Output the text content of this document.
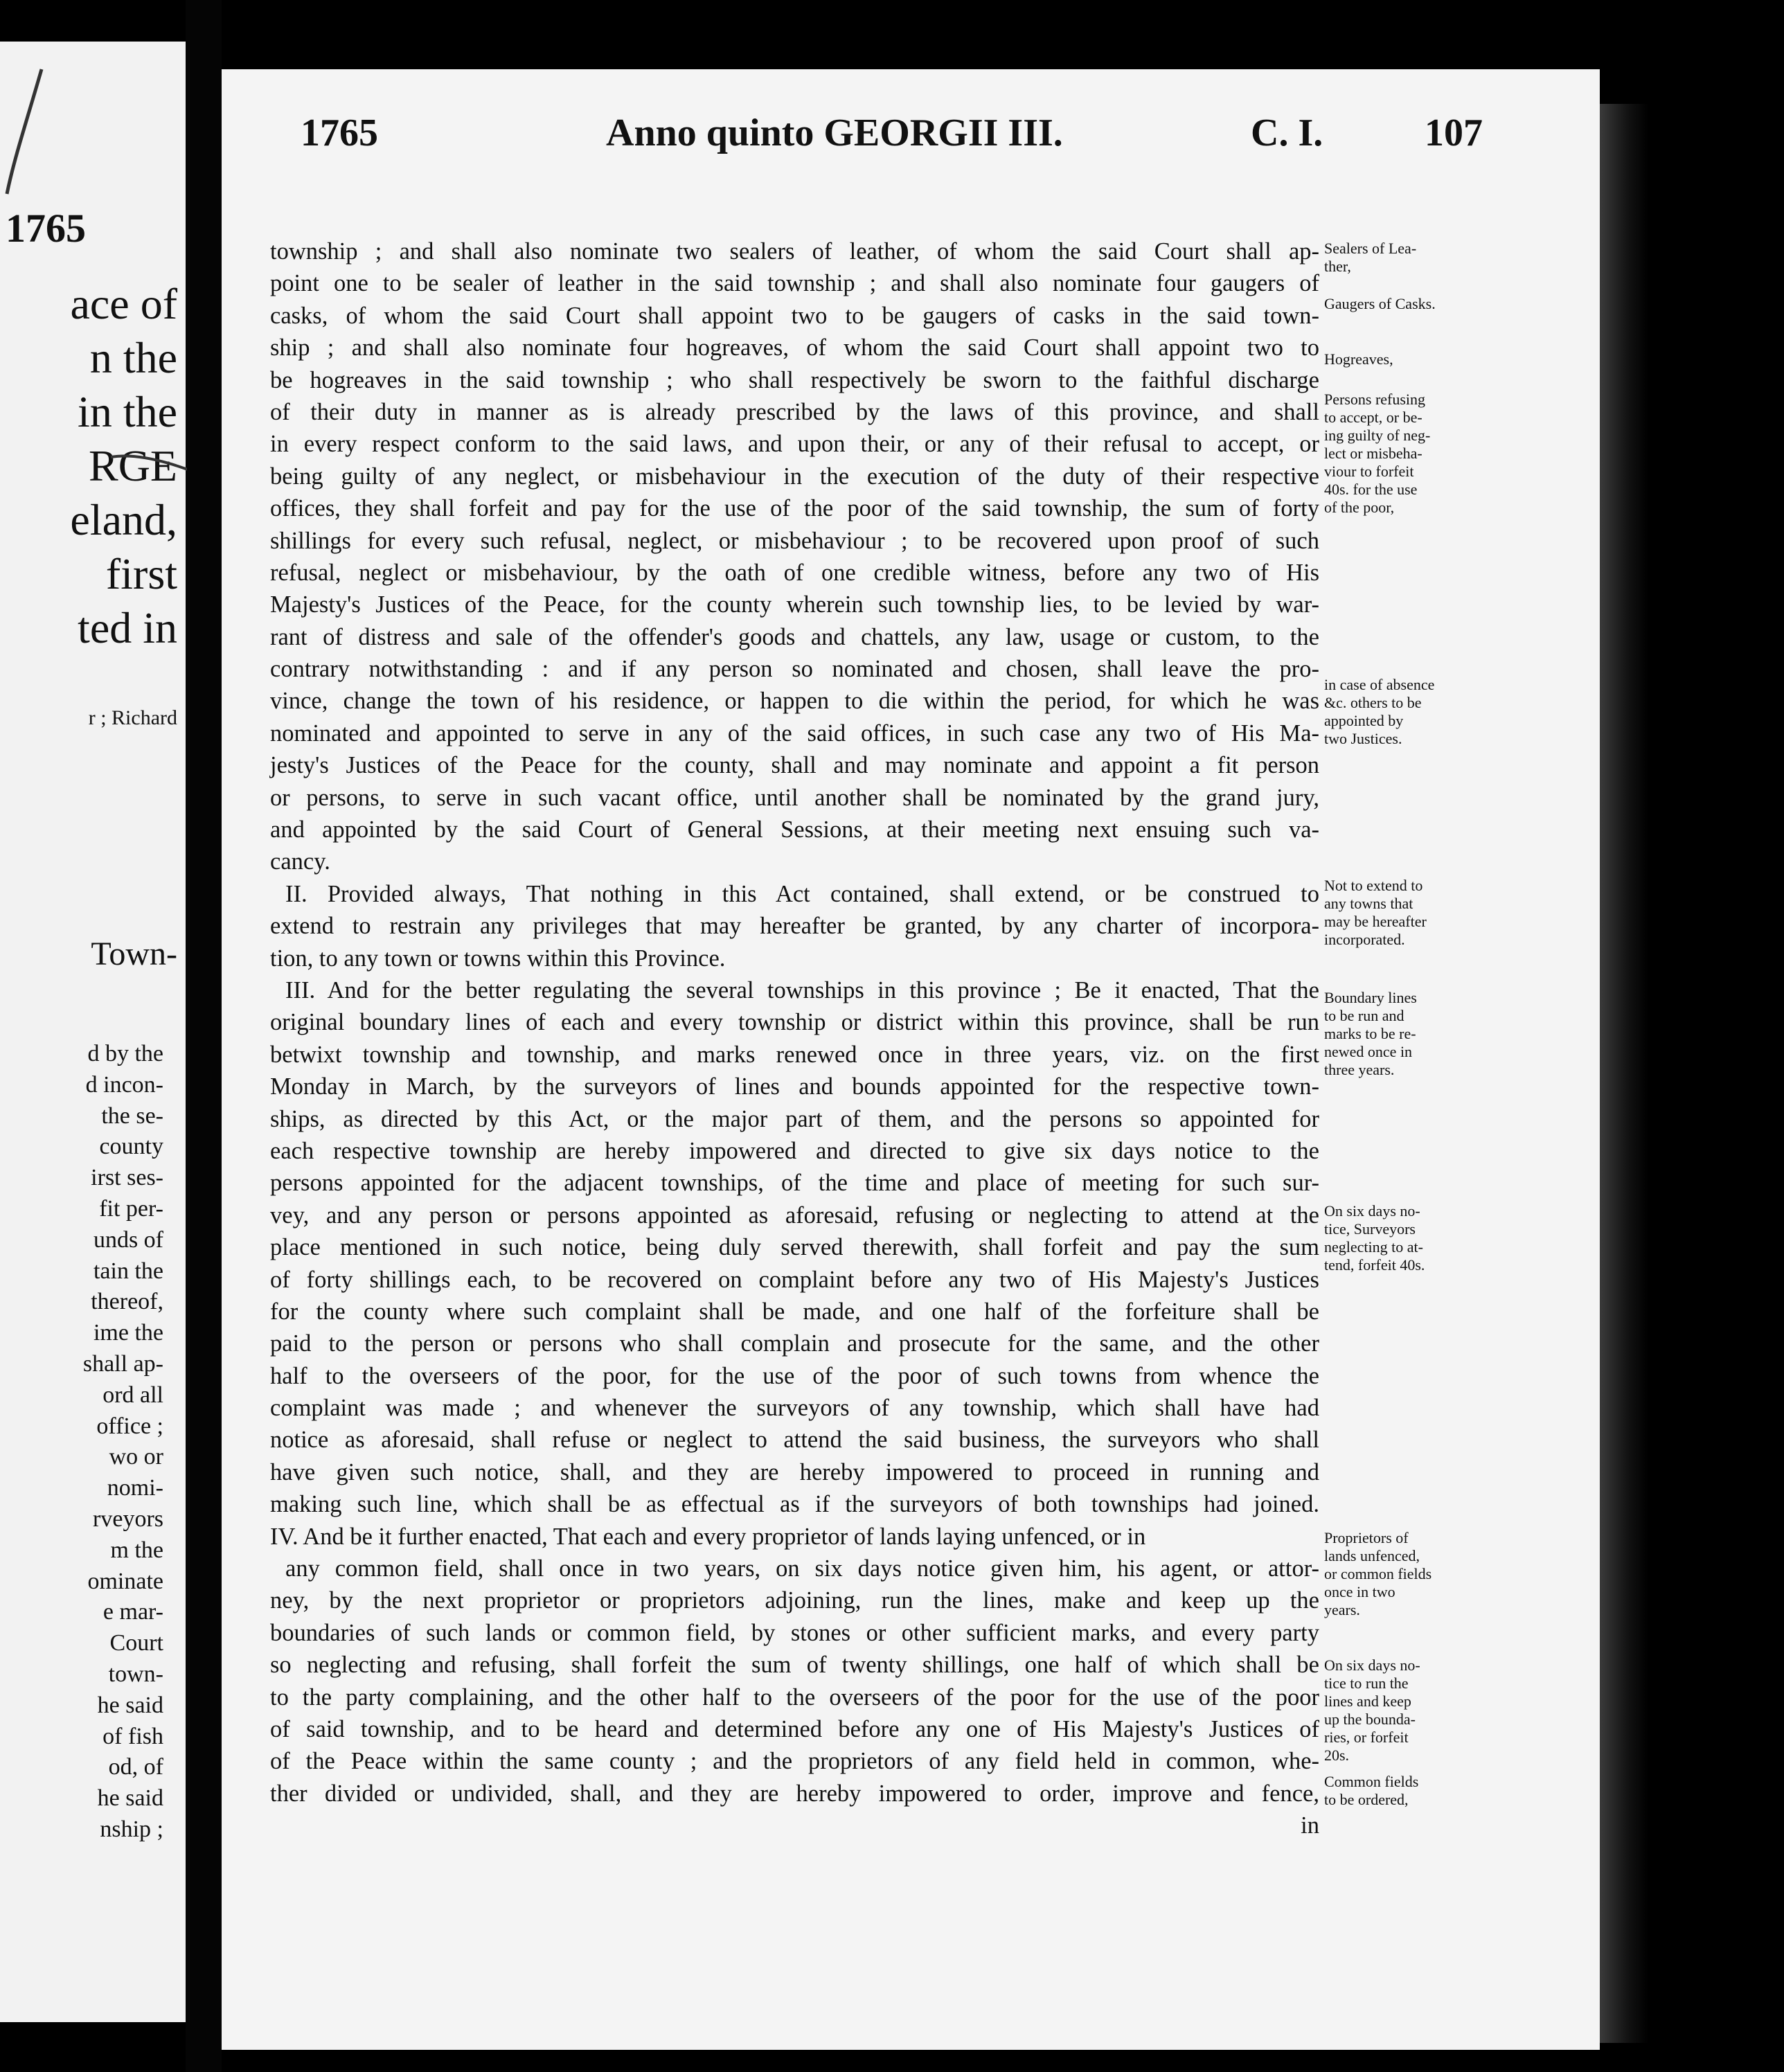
1765
ace of
n the
in the
RGE
eland,
first
ted in
r ; Richard
Town-
d by the
d incon-
the se-
county
irst ses-
fit per-
unds of
tain the
thereof,
ime the
shall ap-
ord all
office ;
wo or
nomi-
rveyors
m the
ominate
e mar-
Court
town-
he said
of fish
od, of
he said
nship ;
1765	Anno quinto GEORGII III.	C. I.	107
township ; and shall also nominate two sealers of leather, of whom the said Court shall ap-
point one to be sealer of leather in the said township ; and shall also nominate four gaugers of
casks, of whom the said Court shall appoint two to be gaugers of casks in the said town-
ship ; and shall also nominate four hogreaves, of whom the said Court shall appoint two to
be hogreaves in the said township ; who shall respectively be sworn to the faithful discharge
of their duty in manner as is already prescribed by the laws of this province, and shall
in every respect conform to the said laws, and upon their, or any of their refusal to accept, or
being guilty of any neglect, or misbehaviour in the execution of the duty of their respective
offices, they shall forfeit and pay for the use of the poor of the said township, the sum of forty
shillings for every such refusal, neglect, or misbehaviour ; to be recovered upon proof of such
refusal, neglect or misbehaviour, by the oath of one credible witness, before any two of His
Majesty's Justices of the Peace, for the county wherein such township lies, to be levied by war-
rant of distress and sale of the offender's goods and chattels, any law, usage or custom, to the
contrary notwithstanding : and if any person so nominated and chosen, shall leave the pro-
vince, change the town of his residence, or happen to die within the period, for which he was
nominated and appointed to serve in any of the said offices, in such case any two of His Ma-
jesty's Justices of the Peace for the county, shall and may nominate and appoint a fit person
or persons, to serve in such vacant office, until another shall be nominated by the grand jury,
and appointed by the said Court of General Sessions, at their meeting next ensuing such va-
cancy.
II. Provided always, That nothing in this Act contained, shall extend, or be construed to
extend to restrain any privileges that may hereafter be granted, by any charter of incorpora-
tion, to any town or towns within this Province.
III. And for the better regulating the several townships in this province ; Be it enacted, That the
original boundary lines of each and every township or district within this province, shall be run
betwixt township and township, and marks renewed once in three years, viz. on the first
Monday in March, by the surveyors of lines and bounds appointed for the respective town-
ships, as directed by this Act, or the major part of them, and the persons so appointed for
each respective township are hereby impowered and directed to give six days notice to the
persons appointed for the adjacent townships, of the time and place of meeting for such sur-
vey, and any person or persons appointed as aforesaid, refusing or neglecting to attend at the
place mentioned in such notice, being duly served therewith, shall forfeit and pay the sum
of forty shillings each, to be recovered on complaint before any two of His Majesty's Justices
for the county where such complaint shall be made, and one half of the forfeiture shall be
paid to the person or persons who shall complain and prosecute for the same, and the other
half to the overseers of the poor, for the use of the poor of such towns from whence the
complaint was made ; and whenever the surveyors of any township, which shall have had
notice as aforesaid, shall refuse or neglect to attend the said business, the surveyors who shall
have given such notice, shall, and they are hereby impowered to proceed in running and
making such line, which shall be as effectual as if the surveyors of both townships had joined.
IV. And be it further enacted, That each and every proprietor of lands laying unfenced, or in
any common field, shall once in two years, on six days notice given him, his agent, or attor-
ney, by the next proprietor or proprietors adjoining, run the lines, make and keep up the
boundaries of such lands or common field, by stones or other sufficient marks, and every party
so neglecting and refusing, shall forfeit the sum of twenty shillings, one half of which shall be
to the party complaining, and the other half to the overseers of the poor for the use of the poor
of said township, and to be heard and determined before any one of His Majesty's Justices of
of the Peace within the same county ; and the proprietors of any field held in common, whe-
ther divided or undivided, shall, and they are hereby impowered to order, improve and fence,
in
Sealers of Lea-
ther,
Gaugers of Casks.
Hogreaves,
Persons refusing
to accept, or be-
ing guilty of neg-
lect or misbeha-
viour to forfeit
40s. for the use
of the poor,
in case of absence
&c. others to be
appointed by
two Justices.
Not to extend to
any towns that
may be hereafter
incorporated.
Boundary lines
to be run and
marks to be re-
newed once in
three years.
On six days no-
tice, Surveyors
neglecting to at-
tend, forfeit 40s.
Proprietors of
lands unfenced,
or common fields
once in two
years.
On six days no-
tice to run the
lines and keep
up the bounda-
ries, or forfeit
20s.
Common fields
to be ordered,
